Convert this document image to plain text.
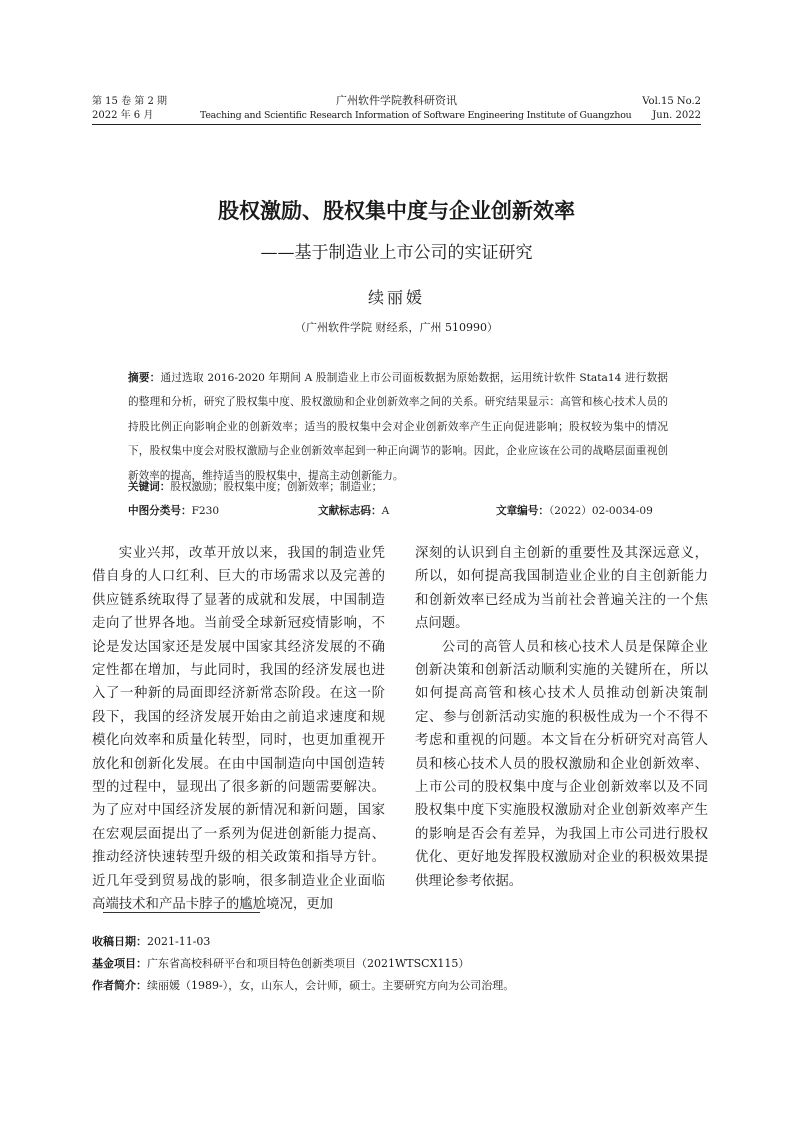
第 15 卷 第 2 期
2022 年 6 月
广州软件学院教科研资讯
Teaching and Scientific Research Information of Software Engineering Institute of Guangzhou
Vol.15 No.2
Jun. 2022
股权激励、股权集中度与企业创新效率
——基于制造业上市公司的实证研究
续丽媛
（广州软件学院 财经系，广州 510990）
摘要：通过选取 2016-2020 年期间 A 股制造业上市公司面板数据为原始数据，运用统计软件 Stata14 进行数据的整理和分析，研究了股权集中度、股权激励和企业创新效率之间的关系。研究结果显示：高管和核心技术人员的持股比例正向影响企业的创新效率；适当的股权集中会对企业创新效率产生正向促进影响；股权较为集中的情况下，股权集中度会对股权激励与企业创新效率起到一种正向调节的影响。因此，企业应该在公司的战略层面重视创新效率的提高，维持适当的股权集中，提高主动创新能力。
关键词：股权激励；股权集中度；创新效率；制造业；
中图分类号：F230	文献标志码：A	文章编号：（2022）02-0034-09

实业兴邦，改革开放以来，我国的制造业凭借自身的人口红利、巨大的市场需求以及完善的供应链系统取得了显著的成就和发展，中国制造走向了世界各地。当前受全球新冠疫情影响，不论是发达国家还是发展中国家其经济发展的不确定性都在增加，与此同时，我国的经济发展也进入了一种新的局面即经济新常态阶段。在这一阶段下，我国的经济发展开始由之前追求速度和规模化向效率和质量化转型，同时，也更加重视开放化和创新化发展。在由中国制造向中国创造转型的过程中，显现出了很多新的问题需要解决。为了应对中国经济发展的新情况和新问题，国家在宏观层面提出了一系列为促进创新能力提高、推动经济快速转型升级的相关政策和指导方针。近几年受到贸易战的影响，很多制造业企业面临高端技术和产品卡脖子的尴尬境况，更加

深刻的认识到自主创新的重要性及其深远意义，所以，如何提高我国制造业企业的自主创新能力和创新效率已经成为当前社会普遍关注的一个焦点问题。

公司的高管人员和核心技术人员是保障企业创新决策和创新活动顺利实施的关键所在，所以如何提高高管和核心技术人员推动创新决策制定、参与创新活动实施的积极性成为一个不得不考虑和重视的问题。本文旨在分析研究对高管人员和核心技术人员的股权激励和企业创新效率、上市公司的股权集中度与企业创新效率以及不同股权集中度下实施股权激励对企业创新效率产生的影响是否会有差异，为我国上市公司进行股权优化、更好地发挥股权激励对企业的积极效果提供理论参考依据。

收稿日期：2021-11-03
基金项目：广东省高校科研平台和项目特色创新类项目（2021WTSCX115）
作者简介：续丽媛（1989-），女，山东人，会计师，硕士。主要研究方向为公司治理。
